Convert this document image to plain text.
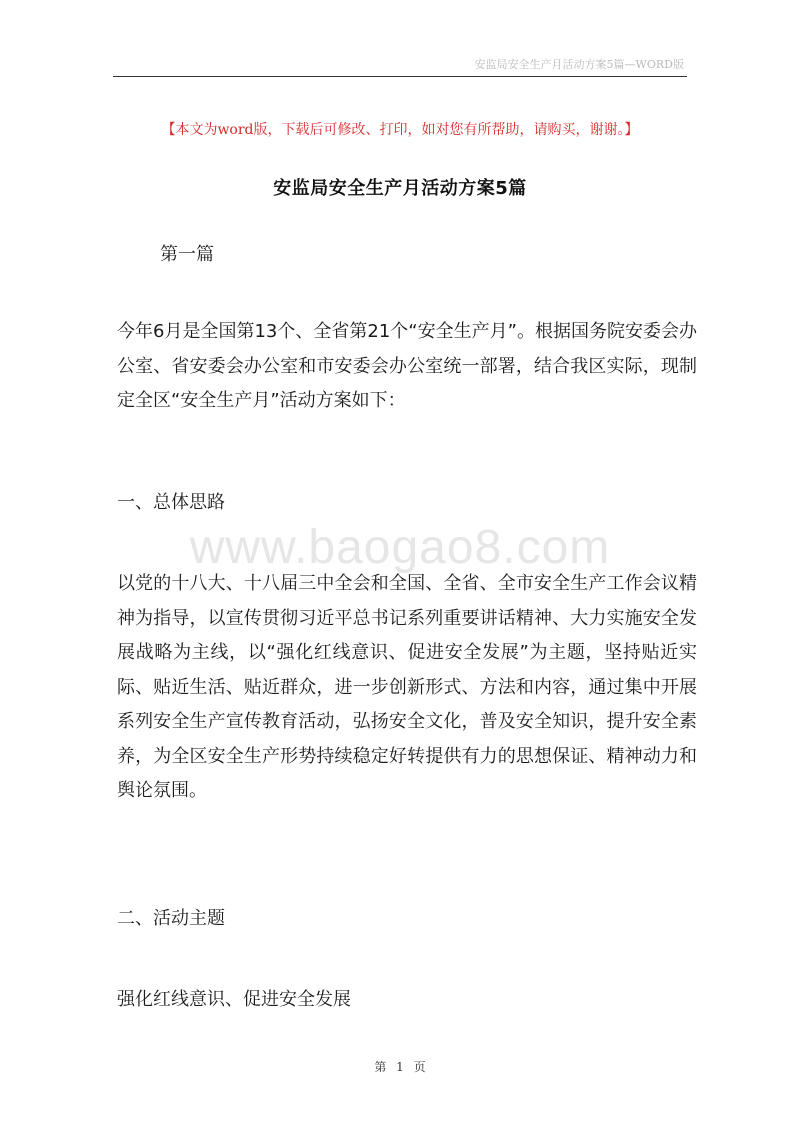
安监局安全生产月活动方案5篇—WORD版
【本文为word版，下载后可修改、打印，如对您有所帮助，请购买，谢谢。】
安监局安全生产月活动方案5篇
第一篇

今年6月是全国第13个、全省第21个“安全生产月”。根据国务院安委会办公室、省安委会办公室和市安委会办公室统一部署，结合我区实际，现制定全区“安全生产月”活动方案如下：

一、总体思路

www.baogao8.com

以党的十八大、十八届三中全会和全国、全省、全市安全生产工作会议精神为指导，以宣传贯彻习近平总书记系列重要讲话精神、大力实施安全发展战略为主线，以“强化红线意识、促进安全发展”为主题，坚持贴近实际、贴近生活、贴近群众，进一步创新形式、方法和内容，通过集中开展系列安全生产宣传教育活动，弘扬安全文化，普及安全知识，提升安全素养，为全区安全生产形势持续稳定好转提供有力的思想保证、精神动力和舆论氛围。

二、活动主题

强化红线意识、促进安全发展

第 1 页
